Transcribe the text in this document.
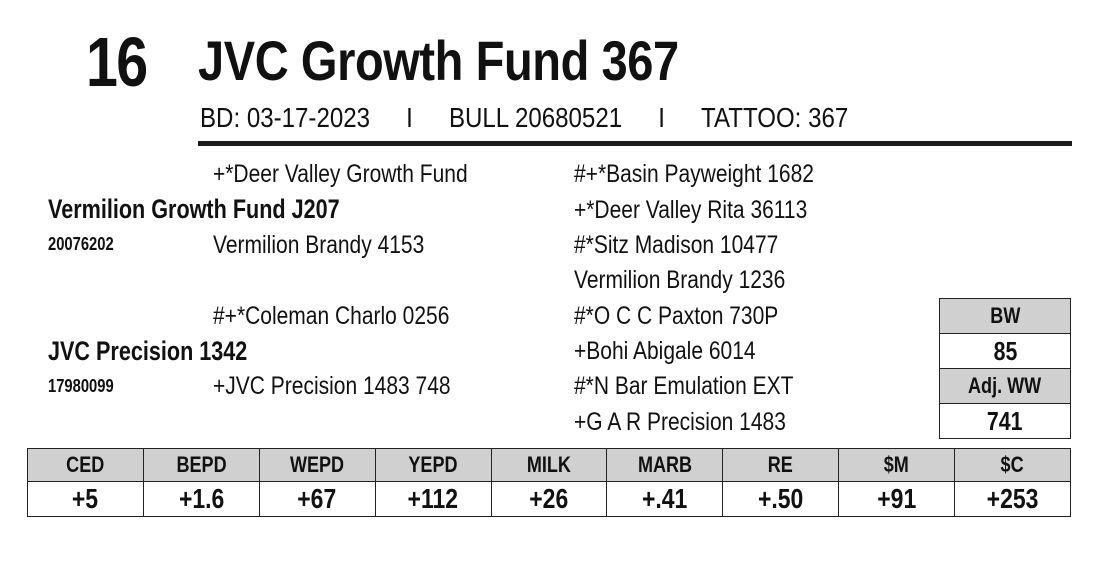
16 JVC Growth Fund 367
BD: 03-17-2023 I BULL 20680521 I TATTOO: 367
+*Deer Valley Growth Fund
Vermilion Growth Fund J207
20076202	Vermilion Brandy 4153
#+*Basin Payweight 1682
+*Deer Valley Rita 36113
#*Sitz Madison 10477
Vermilion Brandy 1236
#+*Coleman Charlo 0256
JVC Precision 1342
17980099	+JVC Precision 1483 748
#*O C C Paxton 730P
+Bohi Abigale 6014
#*N Bar Emulation EXT
+G A R Precision 1483
BW
85
Adj. WW
741
CED	BEPD	WEPD	YEPD	MILK	MARB	RE	$M	$C
+5	+1.6	+67	+112	+26	+.41	+.50	+91	+253
